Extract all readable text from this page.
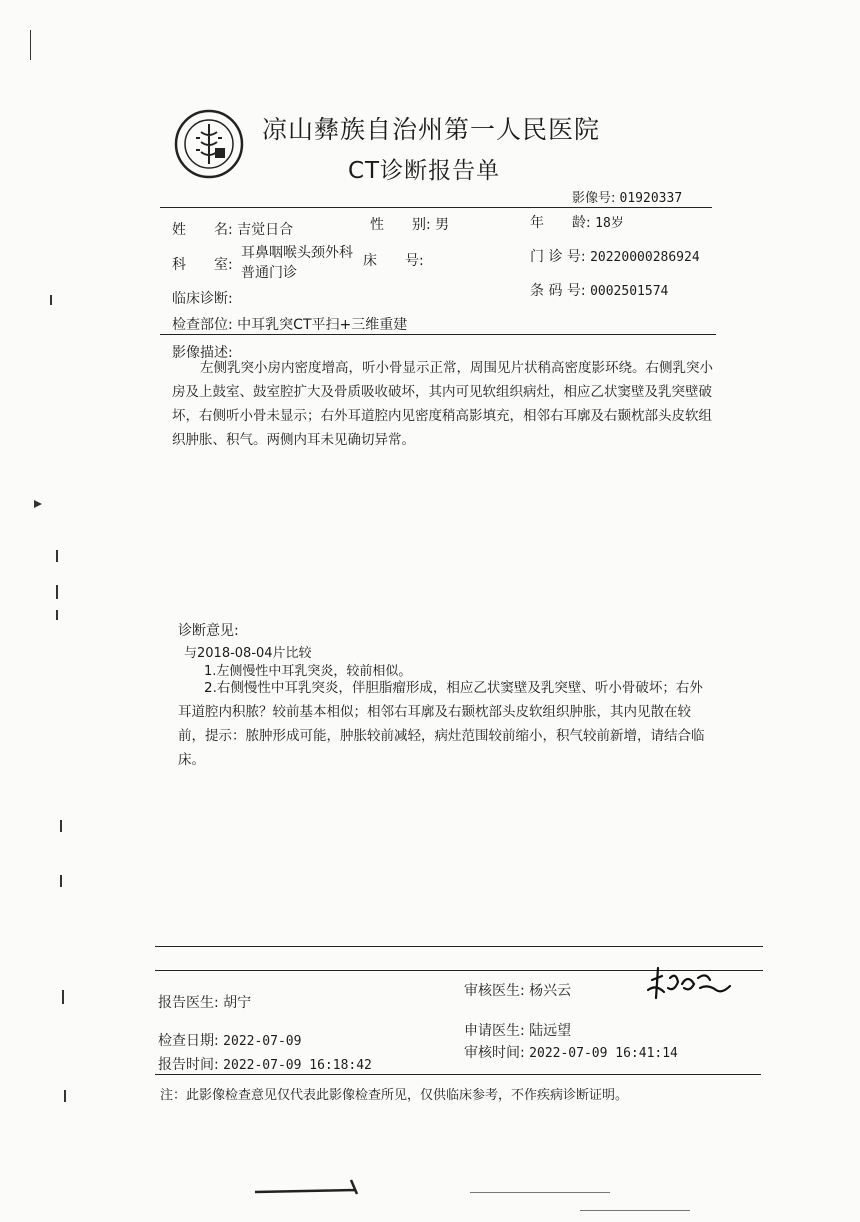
凉山彝族自治州第一人民医院
CT诊断报告单
影像号: 01920337
姓　　名: 吉觉日合	性　　别: 男	年　　龄: 18岁
科　　室:
耳鼻咽喉头颈外科
普通门诊
床　　号:	门 诊 号: 20220000286924
临床诊断:	条 码 号: 0002501574
检查部位: 中耳乳突CT平扫+三维重建
影像描述:
左侧乳突小房内密度增高，听小骨显示正常，周围见片状稍高密度影环绕。右侧乳突小房及上鼓室、鼓室腔扩大及骨质吸收破坏，其内可见软组织病灶，相应乙状窦壁及乳突壁破坏，右侧听小骨未显示；右外耳道腔内见密度稍高影填充，相邻右耳廓及右颞枕部头皮软组织肿胀、积气。两侧内耳未见确切异常。
诊断意见:
与2018-08-04片比较
1.左侧慢性中耳乳突炎，较前相似。
2.右侧慢性中耳乳突炎，伴胆脂瘤形成，相应乙状窦壁及乳突壁、听小骨破坏；右外耳道腔内积脓？较前基本相似；相邻右耳廓及右颞枕部头皮软组织肿胀，其内见散在较前，提示：脓肿形成可能，肿胀较前减轻，病灶范围较前缩小，积气较前新增，请结合临床。
报告医生: 胡宁
审核医生: 杨兴云
检查日期: 2022-07-09
申请医生: 陆远望
报告时间: 2022-07-09 16:18:42
审核时间: 2022-07-09 16:41:14
注：此影像检查意见仅代表此影像检查所见，仅供临床参考，不作疾病诊断证明。
